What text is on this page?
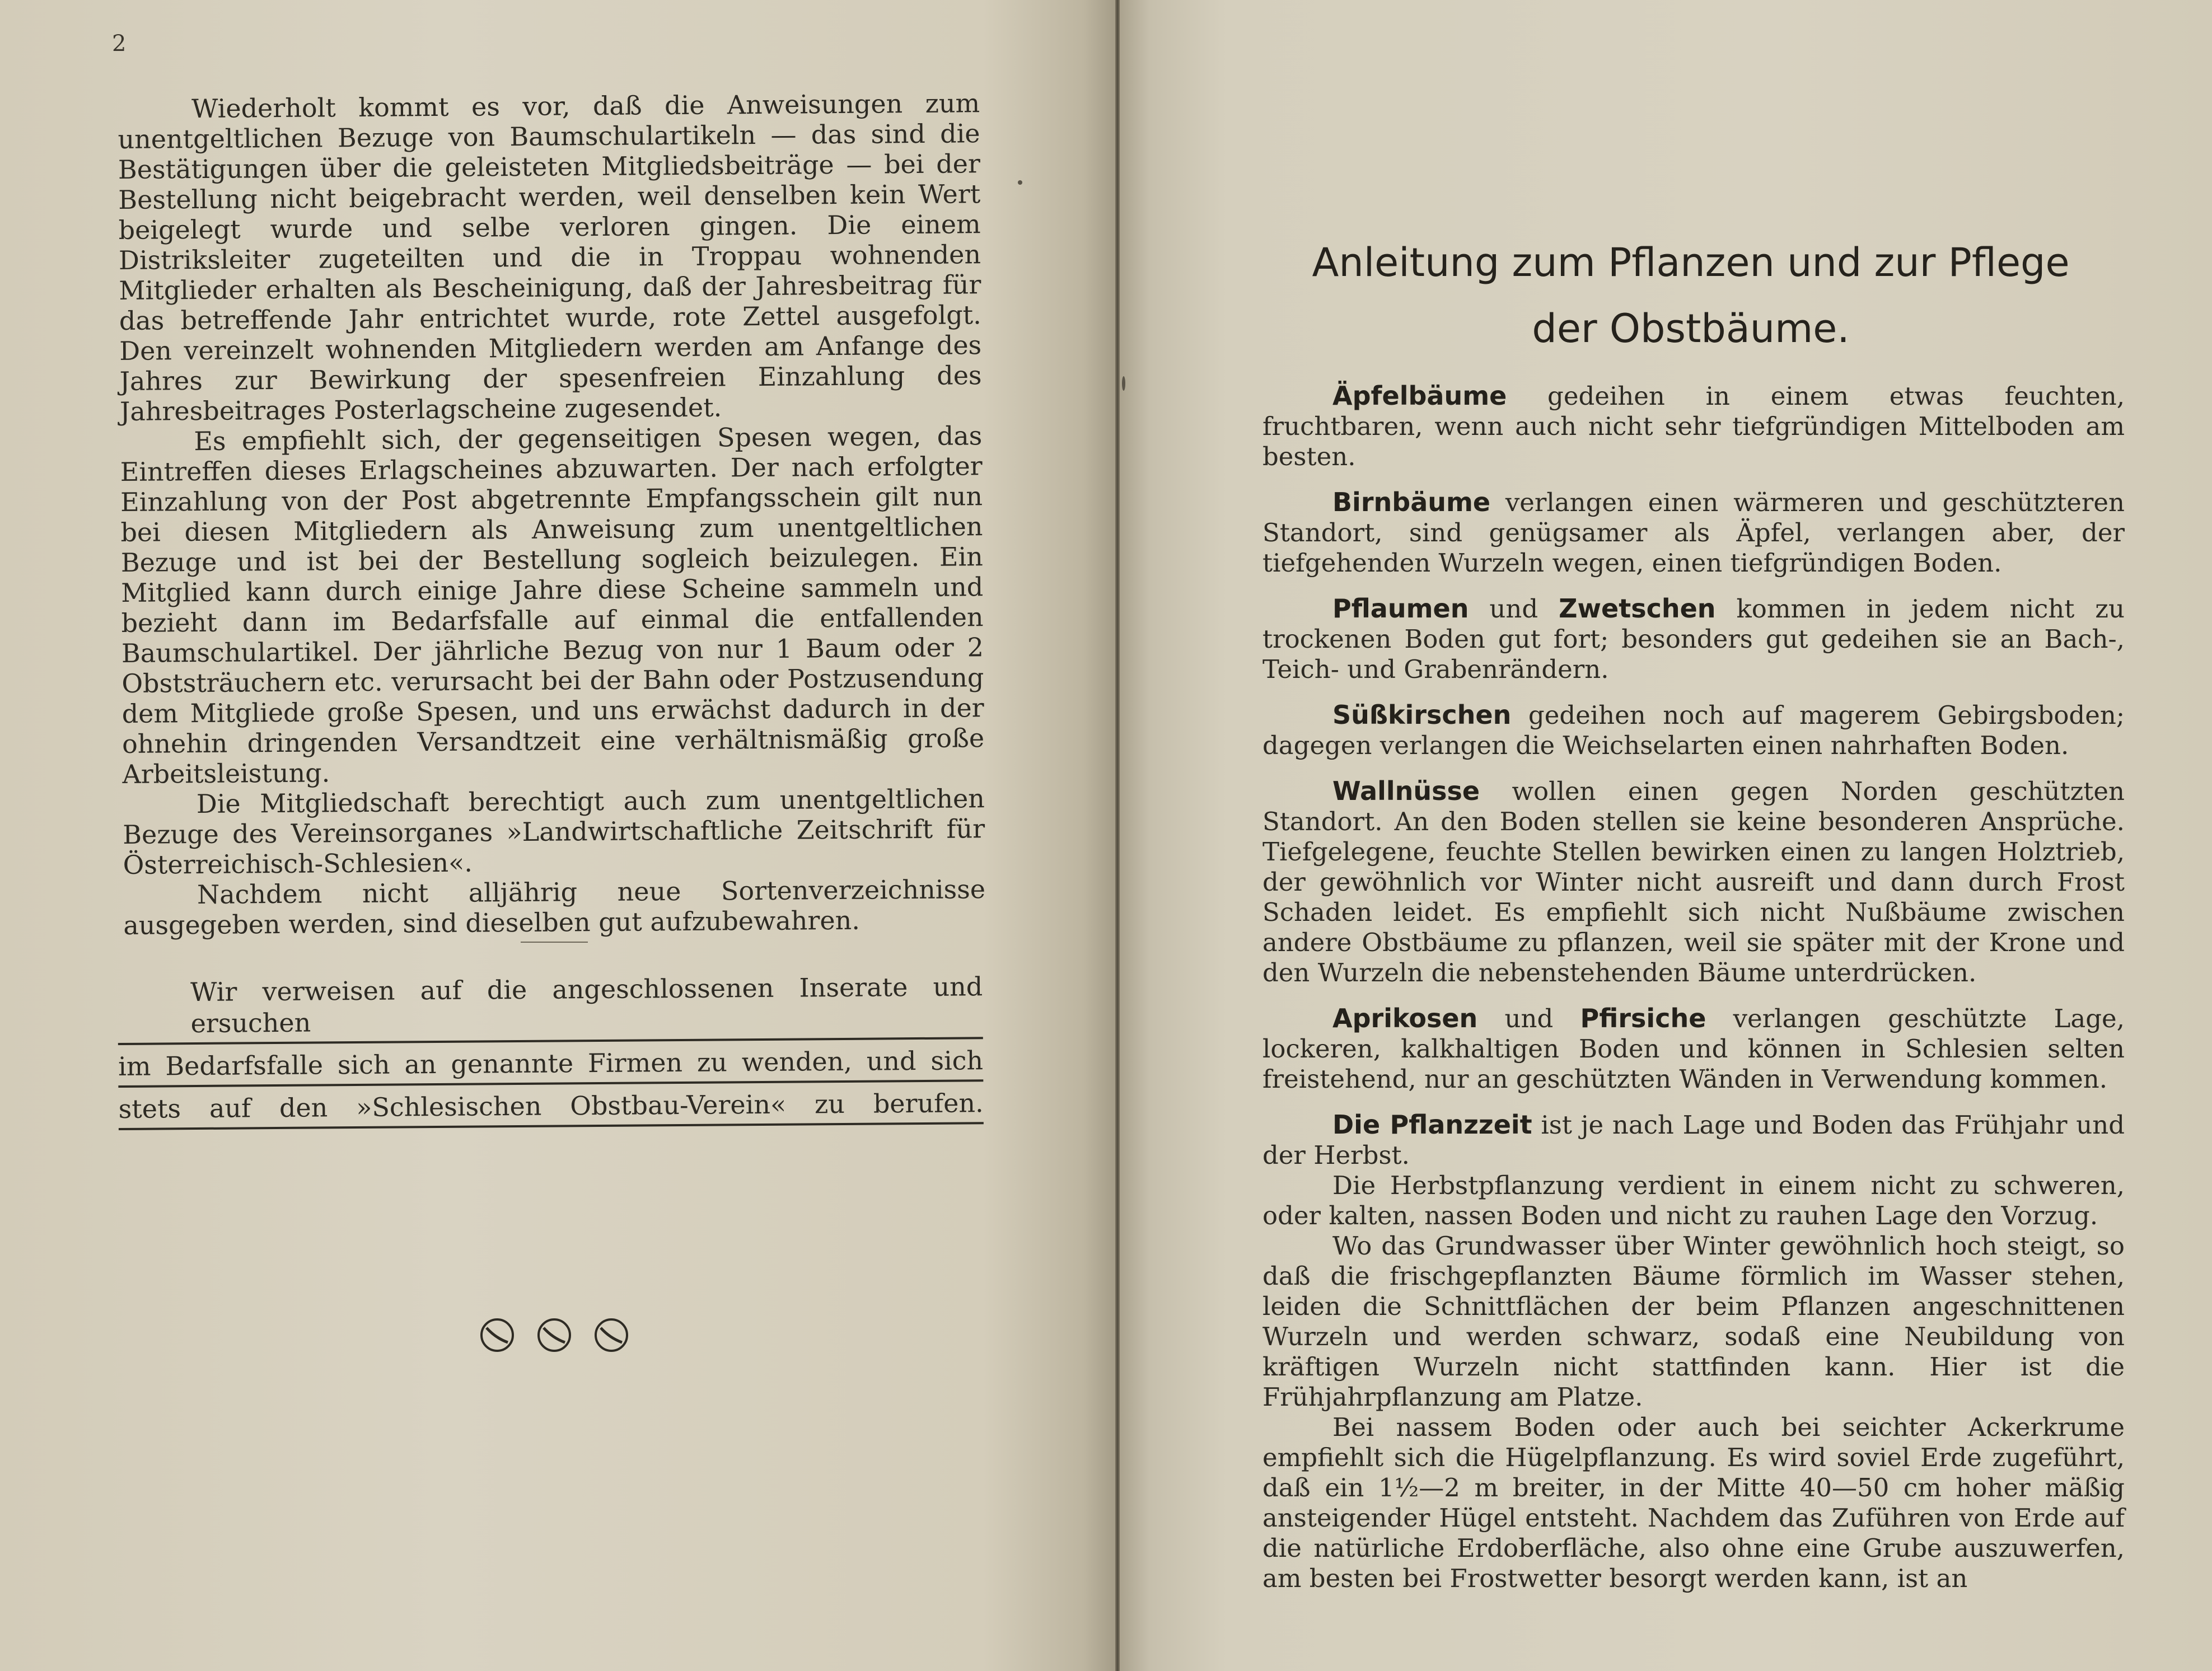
2

Wiederholt kommt es vor, daß die Anweisungen zum unentgeltlichen Bezuge von Baumschulartikeln — das sind die Bestätigungen über die geleisteten Mitgliedsbeiträge — bei der Bestellung nicht beigebracht werden, weil denselben kein Wert beigelegt wurde und selbe verloren gingen. Die einem Distriksleiter zugeteilten und die in Troppau wohnenden Mitglieder erhalten als Bescheinigung, daß der Jahresbeitrag für das betreffende Jahr entrichtet wurde, rote Zettel ausgefolgt. Den vereinzelt wohnenden Mitgliedern werden am Anfange des Jahres zur Bewirkung der spesenfreien Einzahlung des Jahresbeitrages Posterlagscheine zugesendet.

Es empfiehlt sich, der gegenseitigen Spesen wegen, das Eintreffen dieses Erlagscheines abzuwarten. Der nach erfolgter Einzahlung von der Post abgetrennte Empfangsschein gilt nun bei diesen Mitgliedern als Anweisung zum unentgeltlichen Bezuge und ist bei der Bestellung sogleich beizulegen. Ein Mitglied kann durch einige Jahre diese Scheine sammeln und bezieht dann im Bedarfsfalle auf einmal die entfallenden Baumschulartikel. Der jährliche Bezug von nur 1 Baum oder 2 Obststräuchern etc. verursacht bei der Bahn oder Postzusendung dem Mitgliede große Spesen, und uns erwächst dadurch in der ohnehin dringenden Versandtzeit eine verhältnismäßig große Arbeitsleistung.

Die Mitgliedschaft berechtigt auch zum unentgeltlichen Bezuge des Vereinsorganes »Landwirtschaftliche Zeitschrift für Österreichisch-Schlesien«.

Nachdem nicht alljährig neue Sortenverzeichnisse ausgegeben werden, sind dieselben gut aufzubewahren.

Wir verweisen auf die angeschlossenen Inserate und ersuchen
im Bedarfsfalle sich an genannte Firmen zu wenden, und sich
stets auf den »Schlesischen Obstbau-Verein« zu berufen.
Anleitung zum Pflanzen und zur Pflege
der Obstbäume.

Äpfelbäume gedeihen in einem etwas feuchten, fruchtbaren, wenn auch nicht sehr tiefgründigen Mittelboden am besten.

Birnbäume verlangen einen wärmeren und geschützteren Standort, sind genügsamer als Äpfel, verlangen aber, der tiefgehenden Wurzeln wegen, einen tiefgründigen Boden.

Pflaumen und Zwetschen kommen in jedem nicht zu trockenen Boden gut fort; besonders gut gedeihen sie an Bach-, Teich- und Grabenrändern.

Süßkirschen gedeihen noch auf magerem Gebirgsboden; dagegen verlangen die Weichselarten einen nahrhaften Boden.

Wallnüsse wollen einen gegen Norden geschützten Standort. An den Boden stellen sie keine besonderen Ansprüche. Tiefgelegene, feuchte Stellen bewirken einen zu langen Holztrieb, der gewöhnlich vor Winter nicht ausreift und dann durch Frost Schaden leidet. Es empfiehlt sich nicht Nußbäume zwischen andere Obstbäume zu pflanzen, weil sie später mit der Krone und den Wurzeln die nebenstehenden Bäume unterdrücken.

Aprikosen und Pfirsiche verlangen geschützte Lage, lockeren, kalkhaltigen Boden und können in Schlesien selten freistehend, nur an geschützten Wänden in Verwendung kommen.

Die Pflanzzeit ist je nach Lage und Boden das Frühjahr und der Herbst.

Die Herbstpflanzung verdient in einem nicht zu schweren, oder kalten, nassen Boden und nicht zu rauhen Lage den Vorzug.

Wo das Grundwasser über Winter gewöhnlich hoch steigt, so daß die frischgepflanzten Bäume förmlich im Wasser stehen, leiden die Schnittflächen der beim Pflanzen angeschnittenen Wurzeln und werden schwarz, sodaß eine Neubildung von kräftigen Wurzeln nicht stattfinden kann. Hier ist die Frühjahrpflanzung am Platze.

Bei nassem Boden oder auch bei seichter Ackerkrume empfiehlt sich die Hügelpflanzung. Es wird soviel Erde zugeführt, daß ein 1½—2 m breiter, in der Mitte 40—50 cm hoher mäßig ansteigender Hügel entsteht. Nachdem das Zuführen von Erde auf die natürliche Erdoberfläche, also ohne eine Grube auszuwerfen, am besten bei Frostwetter besorgt werden kann, ist an
